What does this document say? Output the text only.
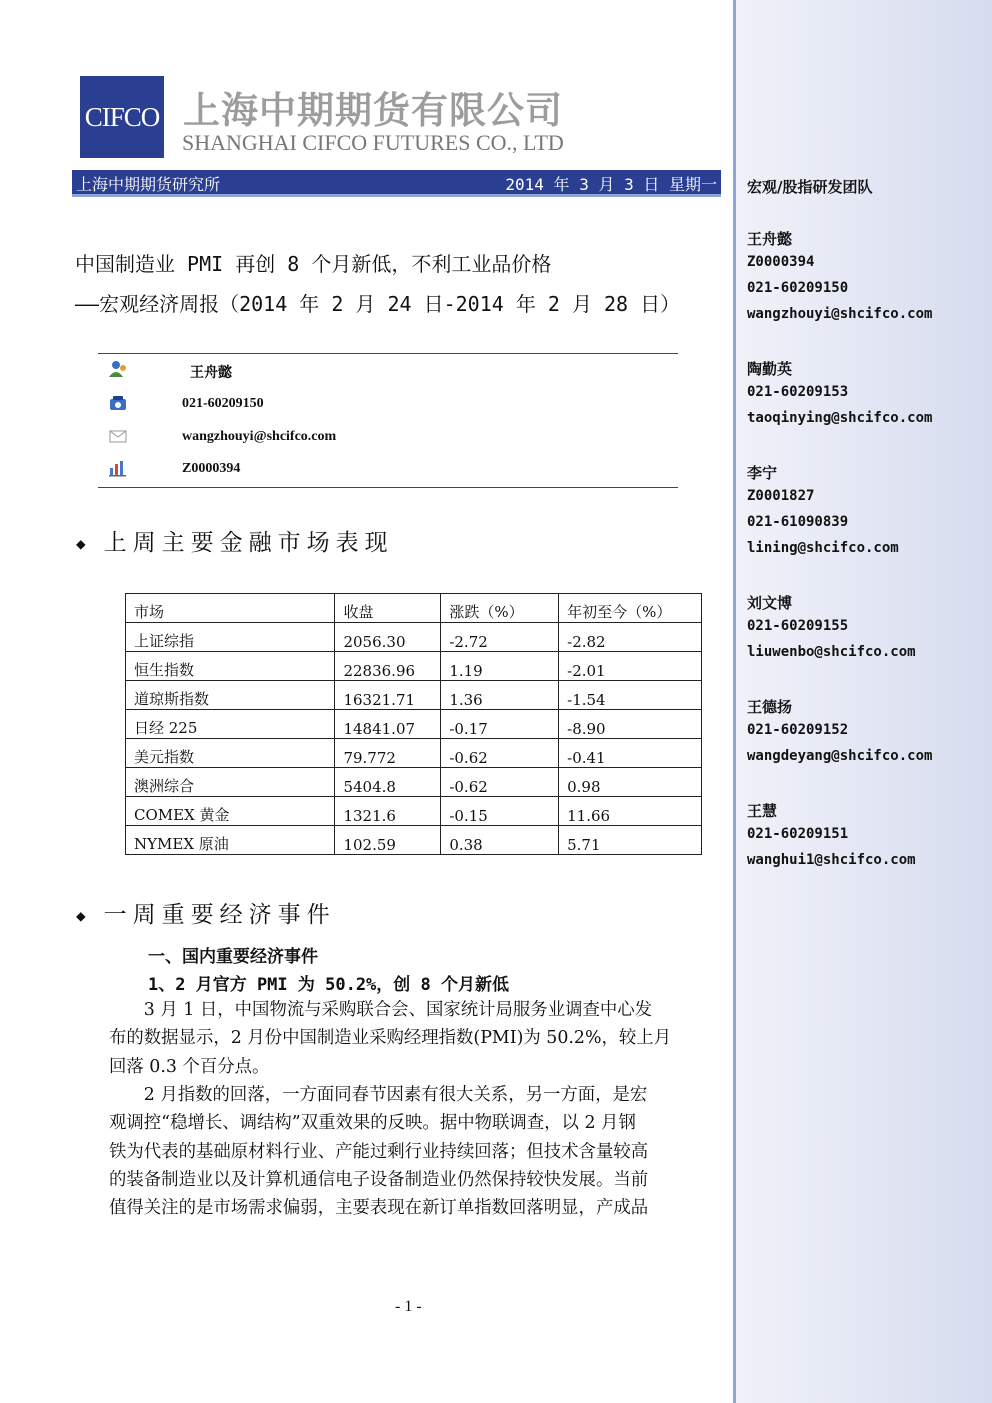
CIFCO 上海中期期货有限公司
SHANGHAI CIFCO FUTURES CO., LTD
上海中期期货研究所	2014 年 3 月 3 日 星期一
中国制造业 PMI 再创 8 个月新低，不利工业品价格
——宏观经济周报（2014 年 2 月 24 日-2014 年 2 月 28 日）
王舟懿
021-60209150
wangzhouyi@shcifco.com
Z0000394
◆ 上周主要金融市场表现
市场	收盘	涨跌（%）	年初至今（%）
上证综指	2056.30	-2.72	-2.82
恒生指数	22836.96	1.19	-2.01
道琼斯指数	16321.71	1.36	-1.54
日经 225	14841.07	-0.17	-8.90
美元指数	79.772	-0.62	-0.41
澳洲综合	5404.8	-0.62	0.98
COMEX 黄金	1321.6	-0.15	11.66
NYMEX 原油	102.59	0.38	5.71
◆ 一周重要经济事件
一、国内重要经济事件
1、2 月官方 PMI 为 50.2%，创 8 个月新低

　　3 月 1 日，中国物流与采购联合会、国家统计局服务业调查中心发

布的数据显示，2 月份中国制造业采购经理指数(PMI)为 50.2%，较上月

回落 0.3 个百分点。

　　2 月指数的回落，一方面同春节因素有很大关系，另一方面，是宏

观调控“稳增长、调结构”双重效果的反映。据中物联调查，以 2 月钢

铁为代表的基础原材料行业、产能过剩行业持续回落；但技术含量较高

的装备制造业以及计算机通信电子设备制造业仍然保持较快发展。当前

值得关注的是市场需求偏弱，主要表现在新订单指数回落明显，产成品

- 1 -
宏观/股指研发团队
王舟懿
Z0000394
021-60209150
wangzhouyi@shcifco.com
陶勤英
021-60209153
taoqinying@shcifco.com
李宁
Z0001827
021-61090839
lining@shcifco.com
刘文博
021-60209155
liuwenbo@shcifco.com
王德扬
021-60209152
wangdeyang@shcifco.com
王慧
021-60209151
wanghui1@shcifco.com
